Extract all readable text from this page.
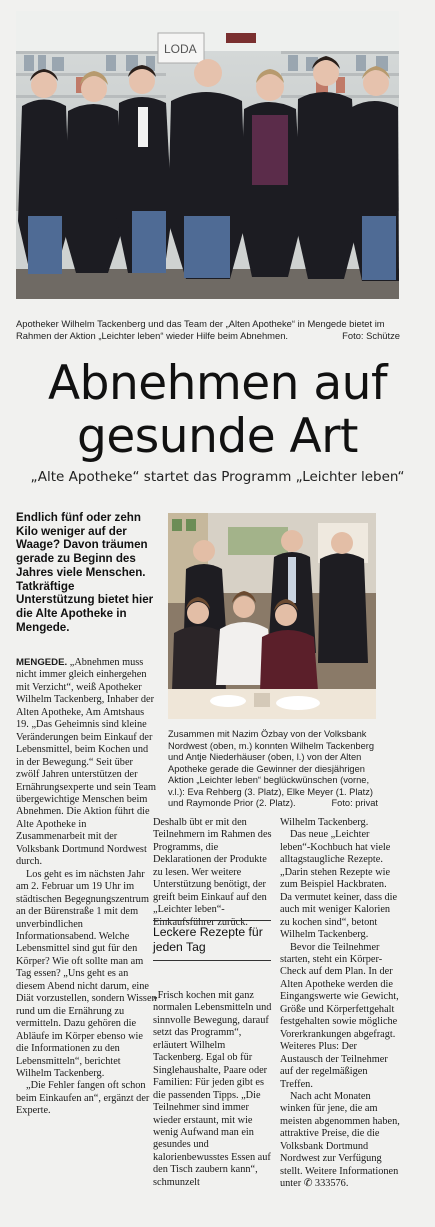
LODA
Apotheker Wilhelm Tackenberg und das Team der „Alten Apotheke“ in Mengede bietet im Rahmen der Aktion „Leichter leben“ wieder Hilfe beim Abnehmen.	Foto: Schütze
Abnehmen auf
gesunde Art
„Alte Apotheke“ startet das Programm „Leichter leben“
Endlich fünf oder zehn Kilo weniger auf der Waage? Davon träumen gerade zu Beginn des Jahres viele Menschen. Tatkräftige Unterstützung bietet hier die Alte Apotheke in Mengede.
Zusammen mit Nazim Özbay von der Volksbank Nordwest (oben, m.) konnten Wilhelm Tackenberg und Antje Niederhäuser (oben, l.) von der Alten Apotheke gerade die Gewinner der diesjährigen Aktion „Leichter leben“ beglückwünschen (vorne, v.l.): Eva Rehberg (3. Platz), Elke Meyer (1. Platz) und Raymonde Prior (2. Platz).	Foto: privat

MENGEDE. „Abnehmen muss nicht immer gleich einhergehen mit Verzicht“, weiß Apotheker Wilhelm Tackenberg, Inhaber der Alten Apotheke, Am Amtshaus 19. „Das Geheimnis sind kleine Veränderungen beim Einkauf der Lebensmittel, beim Kochen und in der Bewegung.“ Seit über zwölf Jahren unterstützen der Ernährungsexperte und sein Team übergewichtige Menschen beim Abnehmen. Die Aktion führt die Alte Apotheke in Zusammenarbeit mit der Volksbank Dortmund Nordwest durch.

Los geht es im nächsten Jahr am 2. Februar um 19 Uhr im städtischen Begegnungszentrum an der Bürenstraße 1 mit dem unverbindlichen Informationsabend. Welche Lebensmittel sind gut für den Körper? Wie oft sollte man am Tag essen? „Uns geht es an diesem Abend nicht darum, eine Diät vorzustellen, sondern Wissen rund um die Ernährung zu vermitteln. Dazu gehören die Abläufe im Körper ebenso wie die Informationen zu den Lebensmitteln“, berichtet Wilhelm Tackenberg.

„Die Fehler fangen oft schon beim Einkaufen an“, ergänzt der Experte.

Deshalb übt er mit den Teilnehmern im Rahmen des Programms, die Deklarationen der Produkte zu lesen. Wer weitere Unterstützung benötigt, der greift beim Einkauf auf den „Leichter leben“-Einkaufsführer zurück.

Leckere Rezepte für jeden Tag

„Frisch kochen mit ganz normalen Lebensmitteln und sinnvolle Bewegung, darauf setzt das Programm“, erläutert Wilhelm Tackenberg. Egal ob für Singlehaushalte, Paare oder Familien: Für jeden gibt es die passenden Tipps. „Die Teilnehmer sind immer wieder erstaunt, mit wie wenig Aufwand man ein gesundes und kalorienbewusstes Essen auf den Tisch zaubern kann“, schmunzelt

Wilhelm Tackenberg.

Das neue „Leichter leben“-Kochbuch hat viele alltagstaugliche Rezepte. „Darin stehen Rezepte wie zum Beispiel Hackbraten. Da vermutet keiner, dass die auch mit weniger Kalorien zu kochen sind“, betont Wilhelm Tackenberg.

Bevor die Teilnehmer starten, steht ein Körper-Check auf dem Plan. In der Alten Apotheke werden die Eingangswerte wie Gewicht, Größe und Körperfettgehalt festgehalten sowie mögliche Vorerkrankungen abgefragt. Weiteres Plus: Der Austausch der Teilnehmer auf der regelmäßigen Treffen.

Nach acht Monaten winken für jene, die am meisten abgenommen haben, attraktive Preise, die die Volksbank Dortmund Nordwest zur Verfügung stellt. Weitere Informationen unter ✆ 333576.
